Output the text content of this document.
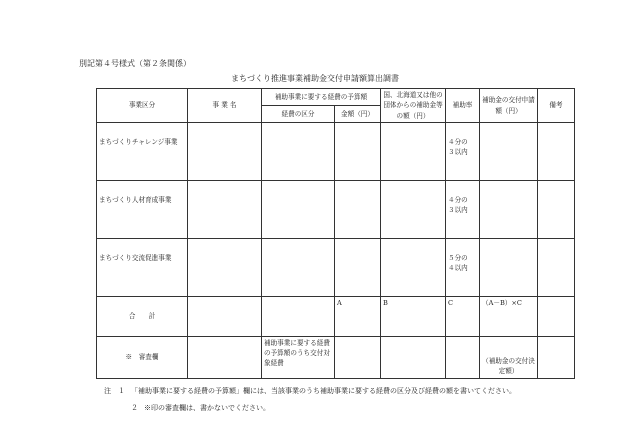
別記第４号様式（第２条関係）
まちづくり推進事業補助金交付申請額算出調書
事業区分	事 業 名	補助事業に要する経費の予算額		国、北海道又は他の団体からの補助金等の額（円）	補助率	補助金の交付申請額（円）	備考
		経費の区分	金額（円）				
まちづくりチャレンジ事業					４分の
３以内		

まちづくり人材育成事業					４分の
３以内		

まちづくり交流促進事業					５分の
４以内		

合　　計			A	B	C	（A－B）×C	
※　審査欄		補助事業に要する経費の予算額のうち交付対象経費				（補助金の交付決定額）	
注　１ 「補助事業に要する経費の予算額」欄には、当該事業のうち補助事業に要する経費の区分及び経費の額を書いてください。
２ ※印の審査欄は、書かないでください。
